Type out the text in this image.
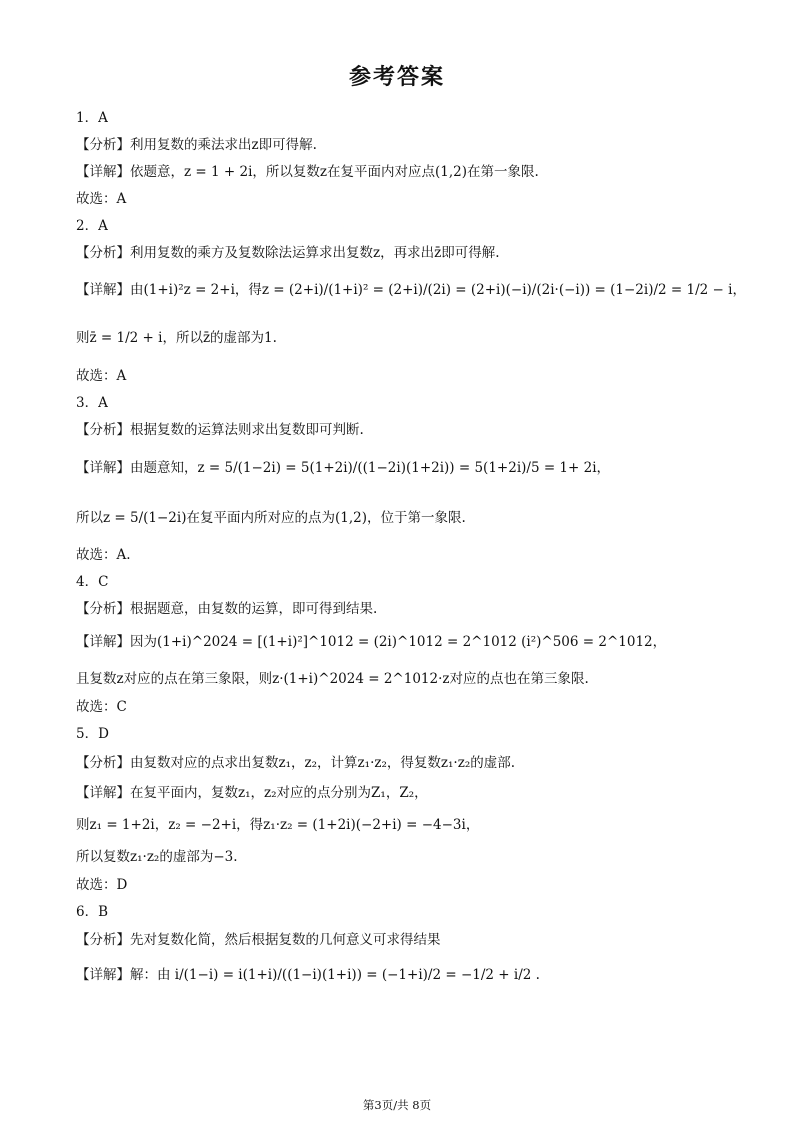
参考答案
1．A
【分析】利用复数的乘法求出z即可得解.
【详解】依题意，z = 1 + 2i，所以复数z在复平面内对应点(1,2)在第一象限.
故选：A
2．A
【分析】利用复数的乘方及复数除法运算求出复数z，再求出z̄即可得解.
【详解】由(1+i)²z = 2+i，得z = (2+i)/(1+i)² = (2+i)/(2i) = (2+i)(−i)/(2i·(−i)) = (1−2i)/2 = 1/2 − i，
则z̄ = 1/2 + i，所以z̄的虚部为1.
故选：A
3．A
【分析】根据复数的运算法则求出复数即可判断.
【详解】由题意知，z = 5/(1−2i) = 5(1+2i)/((1−2i)(1+2i)) = 5(1+2i)/5 = 1+ 2i，
所以z = 5/(1−2i)在复平面内所对应的点为(1,2)，位于第一象限.
故选：A.
4．C
【分析】根据题意，由复数的运算，即可得到结果.
【详解】因为(1+i)^2024 = [(1+i)²]^1012 = (2i)^1012 = 2^1012 (i²)^506 = 2^1012，
且复数z对应的点在第三象限，则z·(1+i)^2024 = 2^1012·z对应的点也在第三象限.
故选：C
5．D
【分析】由复数对应的点求出复数z₁，z₂，计算z₁·z₂，得复数z₁·z₂的虚部.
【详解】在复平面内，复数z₁，z₂对应的点分别为Z₁，Z₂，
则z₁ = 1+2i，z₂ = −2+i，得z₁·z₂ = (1+2i)(−2+i) = −4−3i，
所以复数z₁·z₂的虚部为−3.
故选：D
6．B
【分析】先对复数化简，然后根据复数的几何意义可求得结果
【详解】解：由 i/(1−i) = i(1+i)/((1−i)(1+i)) = (−1+i)/2 = −1/2 + i/2 .
第3页/共 8页
